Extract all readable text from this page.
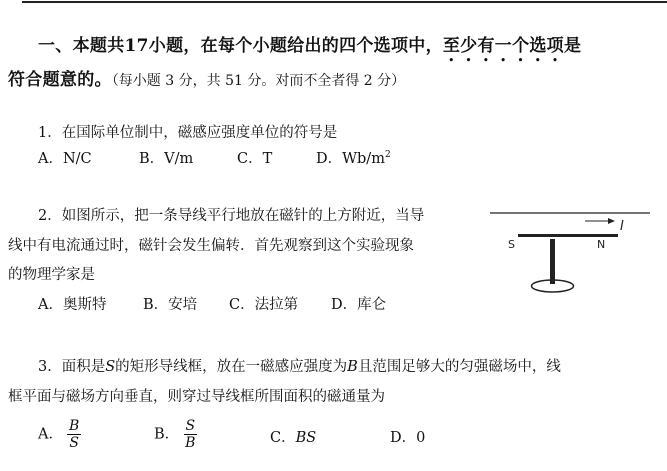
一、本题共17小题，在每个小题给出的四个选项中，至少有一个选项是
符合题意的。（每小题 3 分，共 51 分。对而不全者得 2 分）
1．在国际单位制中，磁感应强度单位的符号是
A．N/C	B．V/m	C．T	D．$Wb/m^2$
2．如图所示，把一条导线平行地放在磁针的上方附近，当导
线中有电流通过时，磁针会发生偏转．首先观察到这个实验现象
的物理学家是
A．奥斯特	B．安培 C．法拉第 D．库仑
I
S	N
3．面积是S的矩形导线框，放在一磁感应强度为B且范围足够大的匀强磁场中，线
框平面与磁场方向垂直，则穿过导线框所围面积的磁通量为
A． $\frac{B}{S}$	B． $\frac{S}{B}$	C．BS	D．0
